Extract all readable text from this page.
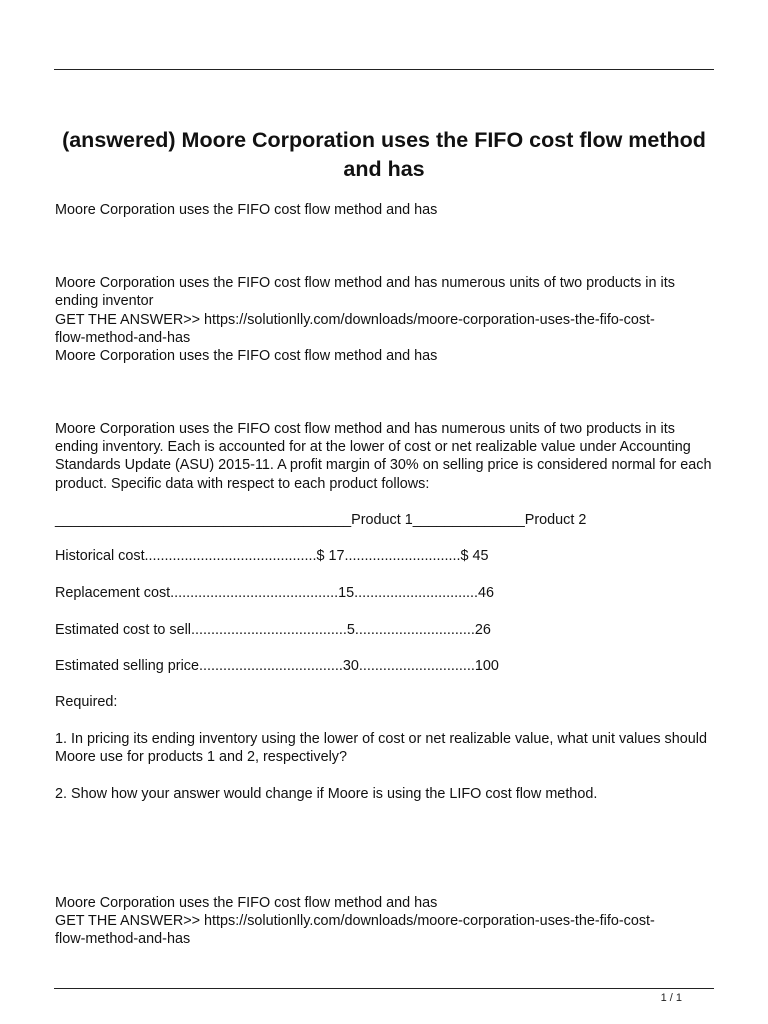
(answered) Moore Corporation uses the FIFO cost flow method and has

Moore Corporation uses the FIFO cost flow method and has

Moore Corporation uses the FIFO cost flow method and has numerous units of two products in its ending inventor

GET THE ANSWER>> https://solutionlly.com/downloads/moore-corporation-uses-the-fifo-cost-
flow-method-and-has

Moore Corporation uses the FIFO cost flow method and has

Moore Corporation uses the FIFO cost flow method and has numerous units of two products in its ending inventory. Each is accounted for at the lower of cost or net realizable value under Accounting Standards Update (ASU) 2015-11. A profit margin of 30% on selling price is considered normal for each product. Specific data with respect to each product follows:

_____________________________________Product 1______________Product 2

Historical cost...........................................$ 17.............................$ 45

Replacement cost..........................................15...............................46

Estimated cost to sell.......................................5..............................26

Estimated selling price....................................30.............................100

Required:

1. In pricing its ending inventory using the lower of cost or net realizable value, what unit values should Moore use for products 1 and 2, respectively?

2. Show how your answer would change if Moore is using the LIFO cost flow method.

Moore Corporation uses the FIFO cost flow method and has

GET THE ANSWER>> https://solutionlly.com/downloads/moore-corporation-uses-the-fifo-cost-
flow-method-and-has

1 / 1
